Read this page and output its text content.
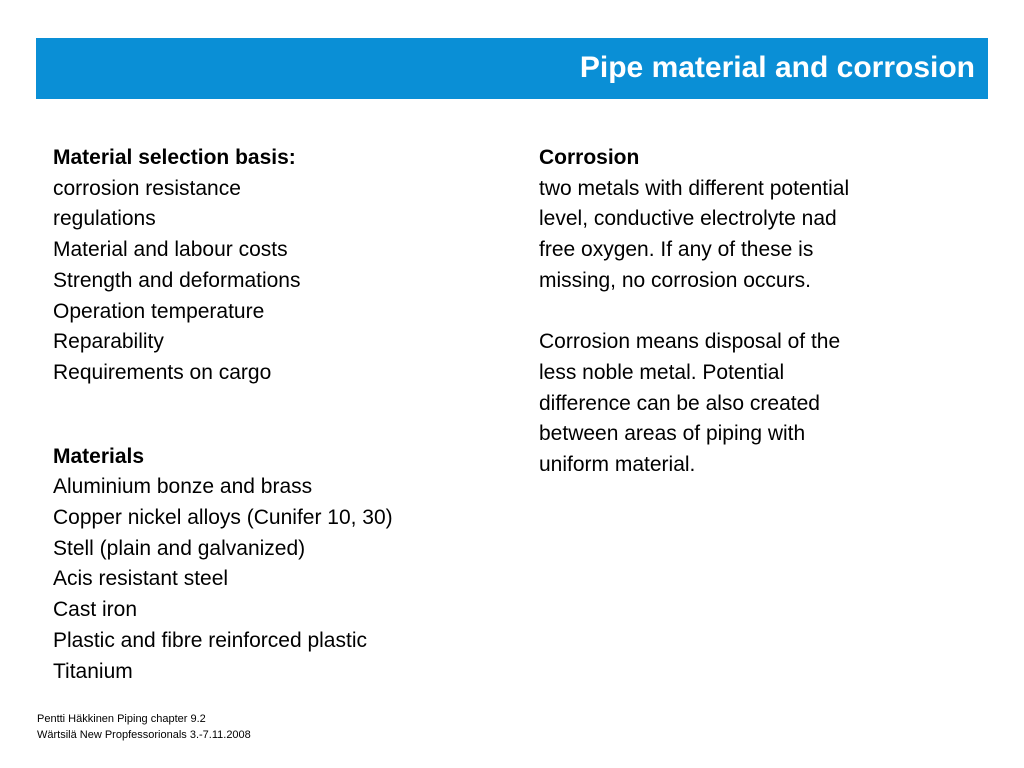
Pipe material and corrosion
Material selection basis:
corrosion resistance
regulations
Material and labour costs
Strength and deformations
Operation temperature
Reparability
Requirements on cargo
Materials
Aluminium bonze and brass
Copper nickel alloys (Cunifer 10, 30)
Stell (plain and galvanized)
Acis resistant steel
Cast iron
Plastic and fibre reinforced plastic
Titanium
Corrosion
two metals with different potential
level, conductive electrolyte nad
free oxygen. If any of these is
missing, no corrosion occurs.
Corrosion means disposal of the
less noble metal. Potential
difference can be also created
between areas of piping with
uniform material.
Pentti Häkkinen Piping chapter 9.2
Wärtsilä New Propfessorionals 3.-7.11.2008
